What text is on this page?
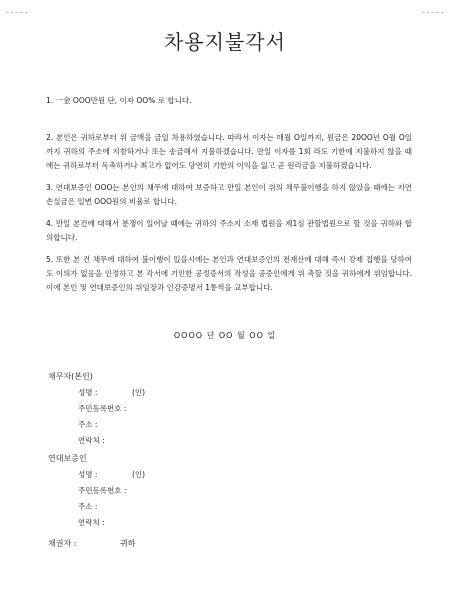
차용지불각서

1. 一金 OOO만원 단, 이자 OO% 로 합니다.

2. 본인은 귀하로부터 위 금액을 금일 차용하였습니다. 따라서 이자는 매월 O일까지, 원금은 20OO년 O월 O일까지 귀하의 주소에 지참하거나 또는 송금해서 지불하겠습니다. 만일 이자를 1회 라도 기한에 지불하지 않을 때에는 귀하로부터 독촉하거나 최고가 없어도 당연히 기한의 이익을 잃고 곧 원리금을 지불하겠습니다.

3. 연대보증인 OOO는 본인의 채무에 대하여 보증하고 만일 본인이 위의 채무불이행을 하지 않았을 때에는 지연손실금은 일변 OOO원의 비율로 합니다.

4. 만일 본건에 대해서 분쟁이 일어날 때에는 귀하의 주소지 소재 법원을 제1심 관할법원으로 할 것을 귀하와 합의합니다.

5. 또한 본 건 채무에 대하여 불이행이 있을시에는 본인과 연대보증인의 전재산에 대해 즉시 강제 집행을 당하여도 이의가 없음을 인정하고 본 각서에 기인한 공정증서의 작성을 공증인에게 위 촉할 것을 귀하에게 위임합니다. 이에 본인 및 연대보증인의 위임장과 인감증명서 1통씩을 교부합니다.

OOOO 년 OO 월 OO 일
채무자(본인)
성명 :	(인)
주민등록번호 :
주소 :
연락처 :
연대보증인
성명 :	(인)
주민등록번호 :
주소 :
연락처 :
채권자 :	귀하
